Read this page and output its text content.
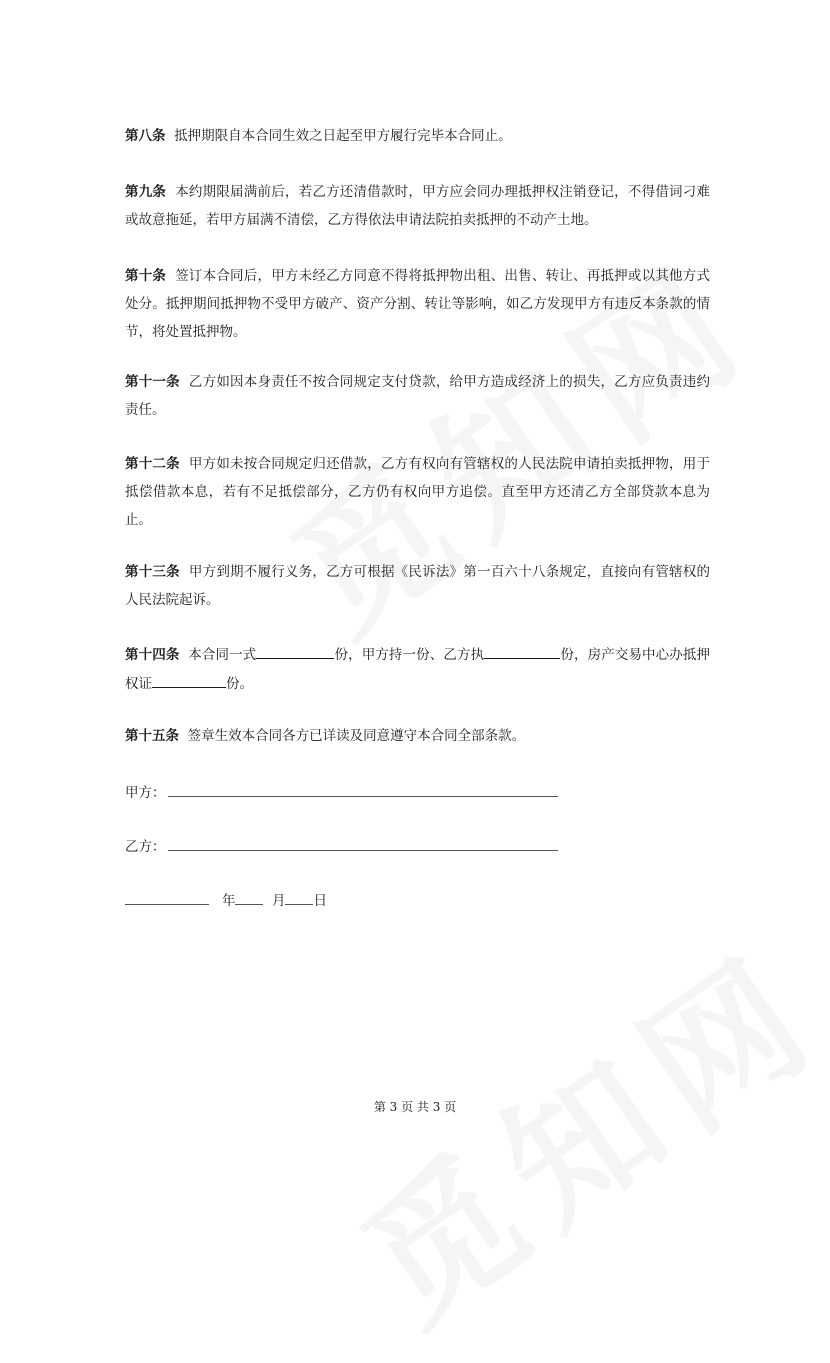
第八条 抵押期限自本合同生效之日起至甲方履行完毕本合同止。
第九条 本约期限届满前后，若乙方还清借款时，甲方应会同办理抵押权注销登记，不得借词刁难或故意拖延，若甲方届满不清偿，乙方得依法申请法院拍卖抵押的不动产土地。
第十条 签订本合同后，甲方未经乙方同意不得将抵押物出租、出售、转让、再抵押或以其他方式处分。抵押期间抵押物不受甲方破产、资产分割、转让等影响，如乙方发现甲方有违反本条款的情节，将处置抵押物。
第十一条 乙方如因本身责任不按合同规定支付贷款，给甲方造成经济上的损失，乙方应负责违约责任。
第十二条 甲方如未按合同规定归还借款，乙方有权向有管辖权的人民法院申请拍卖抵押物，用于抵偿借款本息，若有不足抵偿部分，乙方仍有权向甲方追偿。直至甲方还清乙方全部贷款本息为止。
第十三条 甲方到期不履行义务，乙方可根据《民诉法》第一百六十八条规定，直接向有管辖权的人民法院起诉。
第十四条 本合同一式	份，甲方持一份、乙方执	份，房产交易中心办抵押权证	份。
第十五条 签章生效本合同各方已详读及同意遵守本合同全部条款。
甲方：
乙方：
年	月 日
第 3 页 共 3 页
